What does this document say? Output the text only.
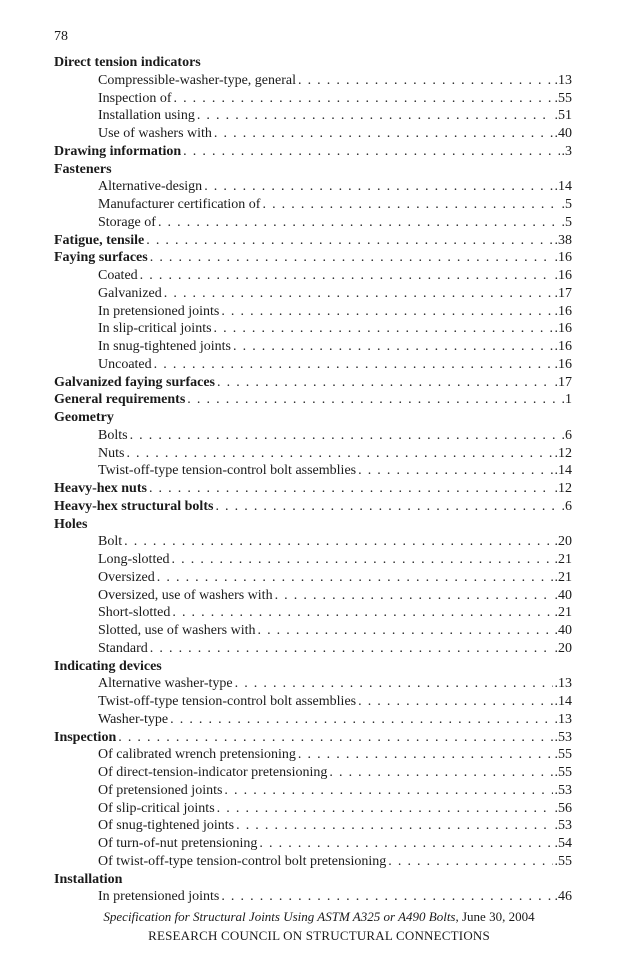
78
Direct tension indicators
Compressible-washer-type, general . . .	.13
Inspection of . . .	.55
Installation using . . .	.51
Use of washers with . . .	.40
Drawing information . . .	.3
Fasteners
Alternative-design . . .	.14
Manufacturer certification of . . .	.5
Storage of . . .	.5
Fatigue, tensile . . .	.38
Faying surfaces . . .	.16
Coated . . .	.16
Galvanized . . .	.17
In pretensioned joints . . .	.16
In slip-critical joints . . .	.16
In snug-tightened joints . . .	.16
Uncoated . . .	.16
Galvanized faying surfaces . . .	.17
General requirements . . .	.1
Geometry
Bolts . . .	.6
Nuts . . .	.12
Twist-off-type tension-control bolt assemblies . . .	.14
Heavy-hex nuts . . .	.12
Heavy-hex structural bolts . . .	.6
Holes
Bolt . . .	.20
Long-slotted . . .	.21
Oversized . . .	.21
Oversized, use of washers with . . .	.40
Short-slotted . . .	.21
Slotted, use of washers with . . .	.40
Standard . . .	.20
Indicating devices
Alternative washer-type . . .	.13
Twist-off-type tension-control bolt assemblies . . .	.14
Washer-type . . .	.13
Inspection . . .	.53
Of calibrated wrench pretensioning . . .	.55
Of direct-tension-indicator pretensioning . . .	.55
Of pretensioned joints . . .	.53
Of slip-critical joints . . .	.56
Of snug-tightened joints . . .	.53
Of turn-of-nut pretensioning . . .	.54
Of twist-off-type tension-control bolt pretensioning . . .	.55
Installation
In pretensioned joints . . .	.46
Specification for Structural Joints Using ASTM A325 or A490 Bolts, June 30, 2004
RESEARCH COUNCIL ON STRUCTURAL CONNECTIONS
